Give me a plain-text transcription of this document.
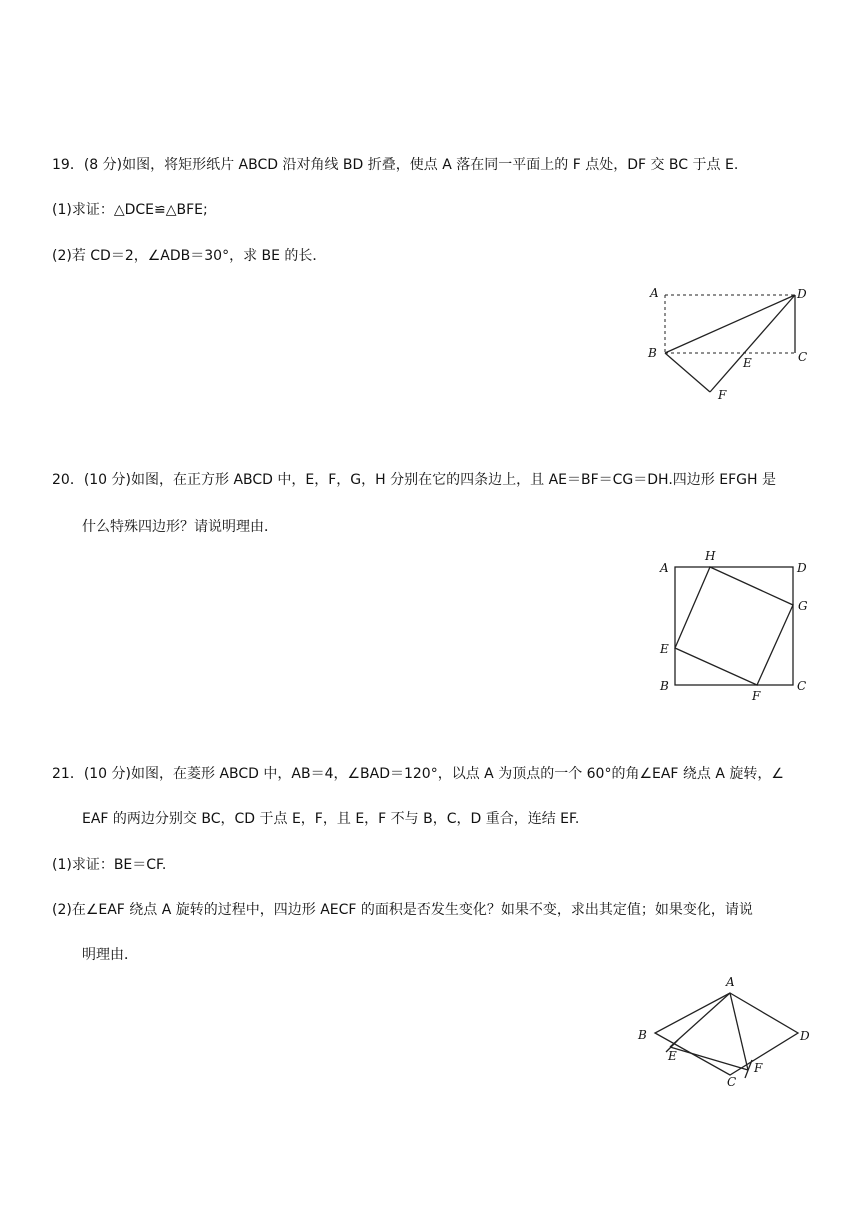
19．(8 分)如图，将矩形纸片 ABCD 沿对角线 BD 折叠，使点 A 落在同一平面上的 F 点处，DF 交 BC 于点 E.
(1)求证：△DCE≌△BFE;
(2)若 CD＝2，∠ADB＝30°，求 BE 的长．
A	D
B	C
E
F
20．(10 分)如图，在正方形 ABCD 中，E，F，G，H 分别在它的四条边上，且 AE＝BF＝CG＝DH.四边形 EFGH 是
什么特殊四边形？请说明理由．
H
A	D
G
E
B
F
C
21．(10 分)如图，在菱形 ABCD 中，AB＝4，∠BAD＝120°，以点 A 为顶点的一个 60°的角∠EAF 绕点 A 旋转，∠
EAF 的两边分别交 BC，CD 于点 E，F，且 E，F 不与 B，C，D 重合，连结 EF.
(1)求证：BE＝CF.
(2)在∠EAF 绕点 A 旋转的过程中，四边形 AECF 的面积是否发生变化？如果不变，求出其定值；如果变化，请说
明理由．
A
B	D
E
F
C
